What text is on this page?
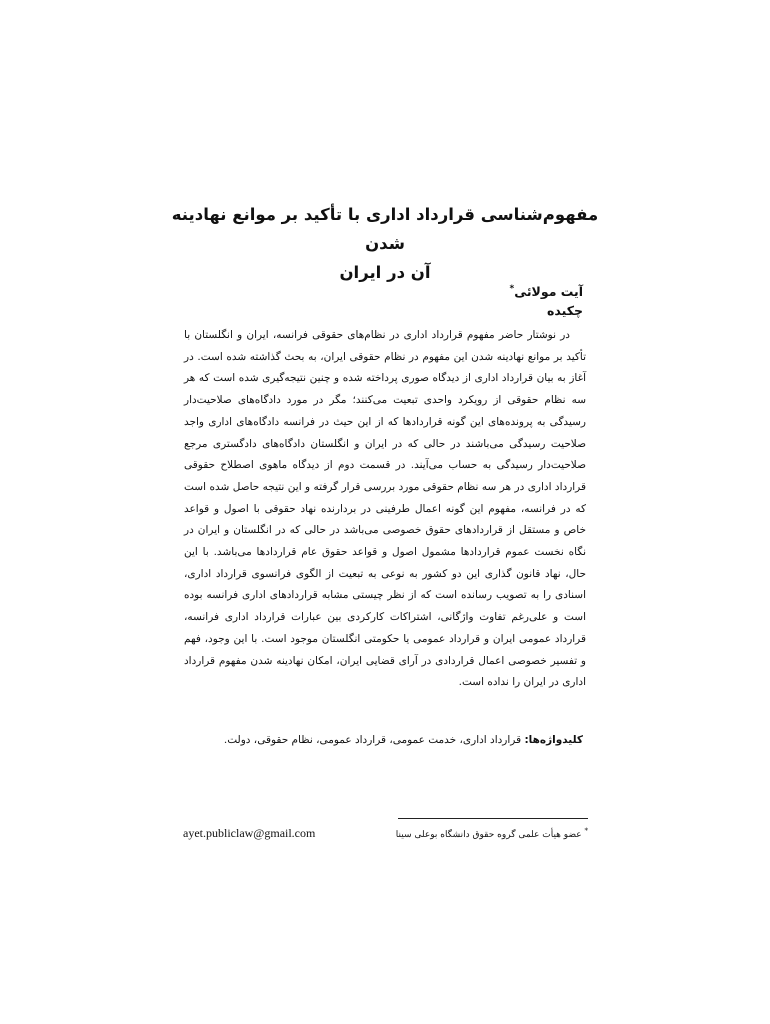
مفهوم‌شناسی قرارداد اداری با تأکید بر موانع نهادینه شدن
آن در ایران

آیت مولائی*

چکیده

در نوشتار حاضر مفهوم قرارداد اداری در نظام‌های حقوقی فرانسه، ایران و انگلستان با تأکید بر موانع نهادینه شدن این مفهوم در نظام حقوقی ایران، به بحث گذاشته شده است. در آغاز به بیان قرارداد اداری از دیدگاه صوری پرداخته شده و چنین نتیجه‌گیری شده است که هر سه نظام حقوقی از رویکرد واحدی تبعیت می‌کنند؛ مگر در مورد دادگاه‌های صلاحیت‌دار رسیدگی به پرونده‌های این گونه قراردادها که از این حیث در فرانسه دادگاه‌های اداری واجد صلاحیت رسیدگی می‌باشند در حالی که در ایران و انگلستان دادگاه‌های دادگستری مرجع صلاحیت‌دار رسیدگی به حساب می‌آیند. در قسمت دوم از دیدگاه ماهوی اصطلاح حقوقی قرارداد اداری در هر سه نظام حقوقی مورد بررسی قرار گرفته و این نتیجه حاصل شده است که در فرانسه، مفهوم این گونه اعمال طرفینی در بردارنده نهاد حقوقی با اصول و قواعد خاص و مستقل از قراردادهای حقوق خصوصی می‌باشد در حالی که در انگلستان و ایران در نگاه نخست عموم قراردادها مشمول اصول و قواعد حقوق عام قراردادها می‌باشد. با این حال، نهاد قانون گذاری این دو کشور به نوعی به تبعیت از الگوی فرانسوی قرارداد اداری، اسنادی را به تصویب رسانده است که از نظر چیستی مشابه قراردادهای اداری فرانسه بوده است و علی‌رغم تفاوت واژگانی، اشتراکات کارکردی بین عبارات قرارداد اداری فرانسه، قرارداد عمومی ایران و قرارداد عمومی یا حکومتی انگلستان موجود است. با این وجود، فهم و تفسیر خصوصی اعمال قراردادی در آرای قضایی ایران، امکان نهادینه شدن مفهوم قرارداد اداری در ایران را نداده است.

کلیدواژه‌ها: قرارداد اداری، خدمت عمومی، قرارداد عمومی، نظام حقوقی، دولت.

* عضو هیأت علمی گروه حقوق دانشگاه بوعلی سینا

ayet.publiclaw@gmail.com
